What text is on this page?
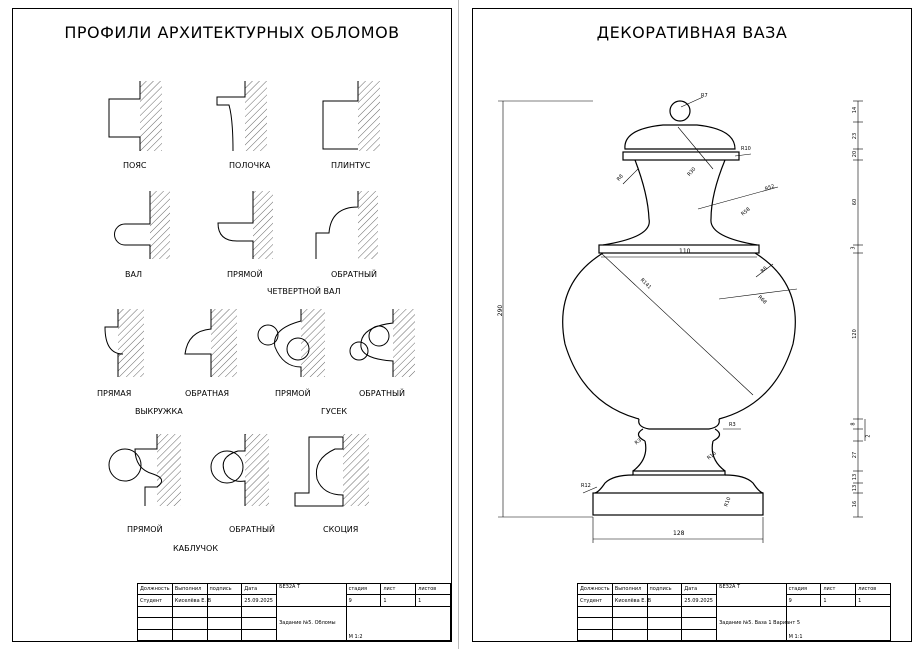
ПРОФИЛИ АРХИТЕКТУРНЫХ ОБЛОМОВ
ПОЯС	ПОЛОЧКА	ПЛИНТУС
ВАЛ	ПРЯМОЙ	ОБРАТНЫЙ
ЧЕТВЕРТНОЙ ВАЛ
ПРЯМАЯ	ОБРАТНАЯ
ВЫКРУЖКА
ПРЯМОЙ	ОБРАТНЫЙ
ГУСЕК
ПРЯМОЙ	ОБРАТНЫЙ	СКОЦИЯ
КАБЛУЧОК
Должность	Выполнил	подпись	Дата	БЕЗ2А Т	стадия	лист	листов
Студент	Киселёва Е. В		25.09.2025		9	1	1
				Задание №5. Обломы	М 1:2		

ДЕКОРАТИВНАЯ ВАЗА
290
110
128
14
23
20
60
3
120
8
27
13
13
16
2
R7
R10
R8
R30
R52
R58
R8
R141
R68
R3
R3
R16
R12
R10
Должность	Выполнил	подпись	Дата	БЕЗ2А Т	стадия	лист	листов
Студент	Киселёва Е. В		25.09.2025		9	1	1
				Задание №5. Ваза 1 Вариант 5	М 1:1		
